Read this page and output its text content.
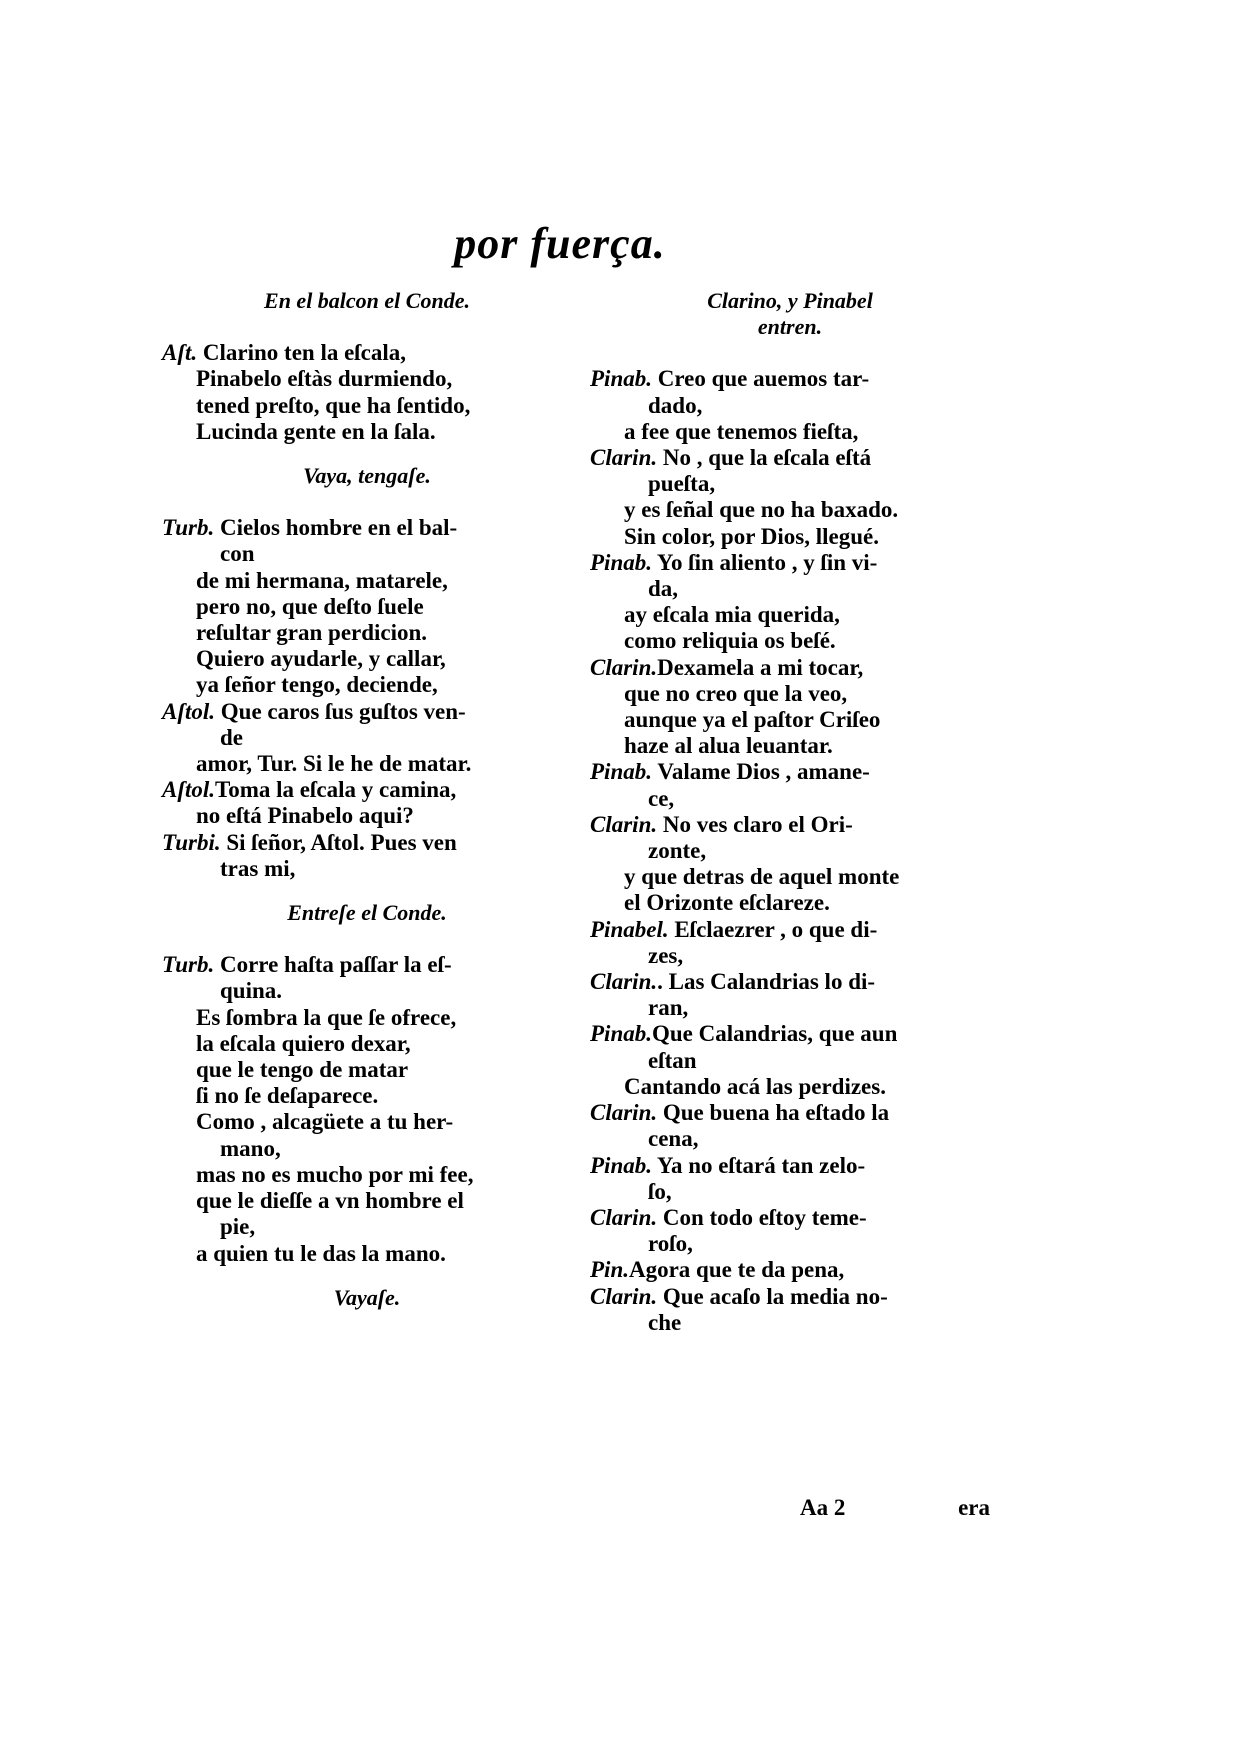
por fuerça.
En el balcon el Conde.
Aſt. Clarino ten la eſcala,
Pinabelo eſtàs durmiendo,
tened preſto, que ha ſentido,
Lucinda gente en la ſala.
Vaya, tengaſe.
Turb. Cielos hombre en el bal-
con
de mi hermana, matarele,
pero no, que deſto ſuele
reſultar gran perdicion.
Quiero ayudarle, y callar,
ya ſeñor tengo, deciende,
Aſtol. Que caros ſus guſtos ven-
de
amor, Tur. Si le he de matar.
Aſtol.Toma la eſcala y camina,
no eſtá Pinabelo aqui?
Turbi. Si ſeñor, Aſtol. Pues ven
tras mi,
Entreſe el Conde.
Turb. Corre haſta paſſar la eſ-
quina.
Es ſombra la que ſe ofrece,
la eſcala quiero dexar,
que le tengo de matar
ſi no ſe deſaparece.
Como , alcagüete a tu her-
mano,
mas no es mucho por mi fee,
que le dieſſe a vn hombre el
pie,
a quien tu le das la mano.
Vayaſe.
Clarino, y Pinabel
entren.
Pinab. Creo que auemos tar-
dado,
a fee que tenemos fieſta,
Clarin. No , que la eſcala eſtá
pueſta,
y es ſeñal que no ha baxado.
Sin color, por Dios, llegué.
Pinab. Yo ſin aliento , y ſin vi-
da,
ay eſcala mia querida,
como reliquia os beſé.
Clarin.Dexamela a mi tocar,
que no creo que la veo,
aunque ya el paſtor Criſeo
haze al alua leuantar.
Pinab. Valame Dios , amane-
ce,
Clarin. No ves claro el Ori-
zonte,
y que detras de aquel monte
el Orizonte eſclareze.
Pinabel. Eſclaezrer , o que di-
zes,
Clarin.. Las Calandrias lo di-
ran,
Pinab.Que Calandrias, que aun
eſtan
Cantando acá las perdizes.
Clarin. Que buena ha eſtado la
cena,
Pinab. Ya no eſtará tan zelo-
ſo,
Clarin. Con todo eſtoy teme-
roſo,
Pin.Agora que te da pena,
Clarin. Que acaſo la media no-
che
Aa 2	era
